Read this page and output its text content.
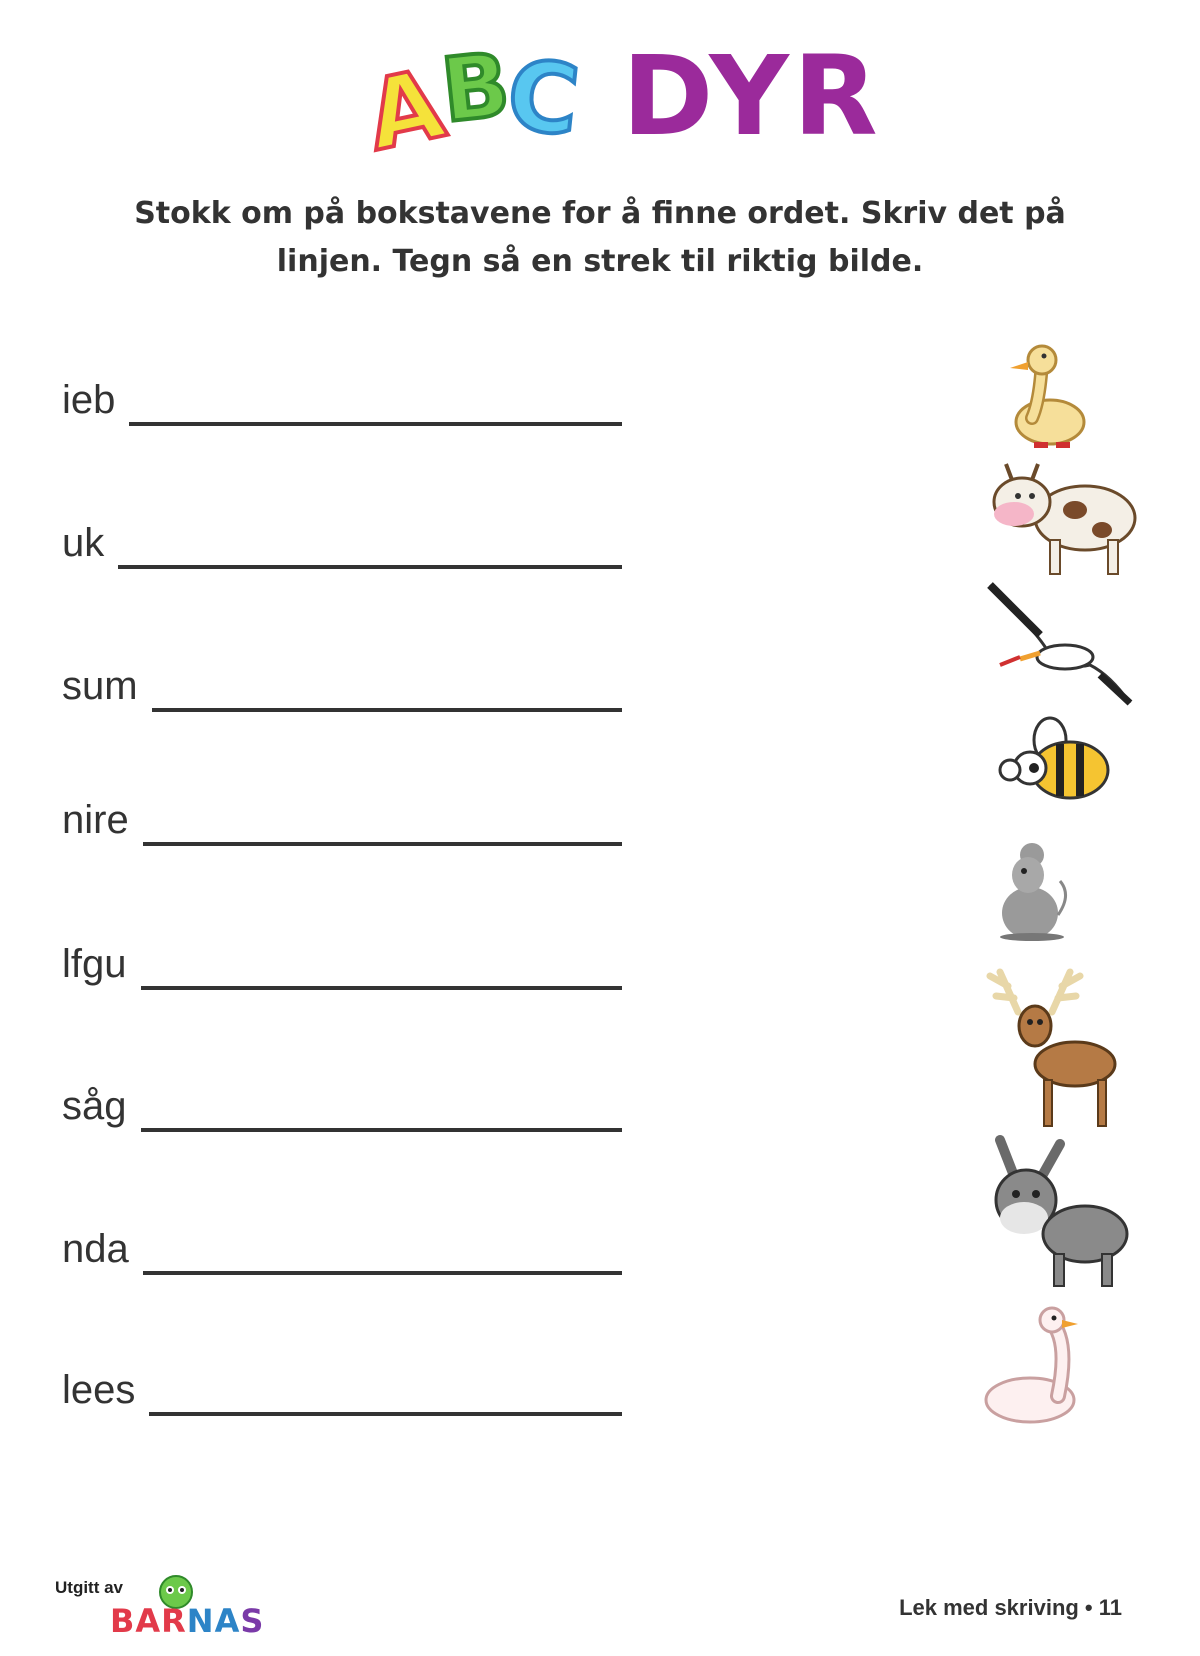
A
B
C DYR
Stokk om på bokstavene for å finne ordet. Skriv det på
linjen. Tegn så en strek til riktig bilde.
ieb
uk
sum
nire
lfgu
såg
nda
lees
Utgitt av
BARNAS	Lek med skriving • 11
